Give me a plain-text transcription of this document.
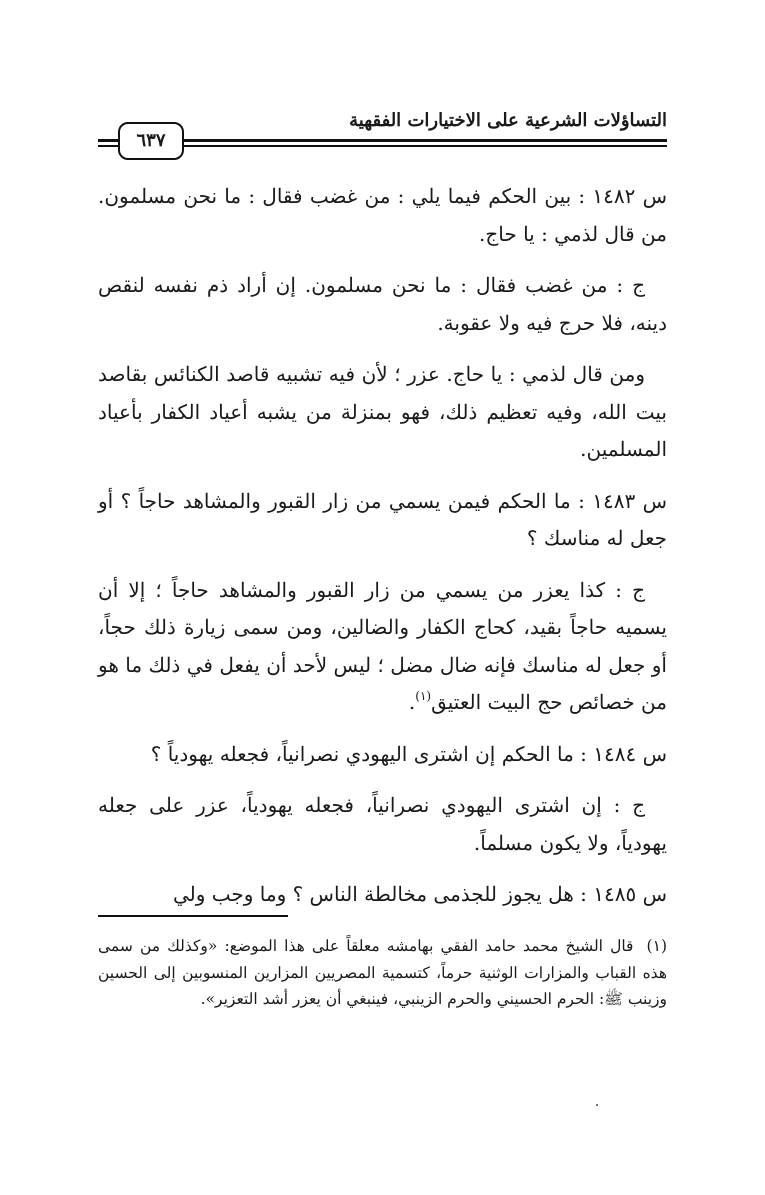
التساؤلات الشرعية على الاختيارات الفقهية
٦٣٧

س ١٤٨٢ : بين الحكم فيما يلي : من غضب فقال : ما نحن مسلمون. من قال لذمي : يا حاج.

ج : من غضب فقال : ما نحن مسلمون. إن أراد ذم نفسه لنقص دينه، فلا حرج فيه ولا عقوبة.

ومن قال لذمي : يا حاج. عزر ؛ لأن فيه تشبيه قاصد الكنائس بقاصد بيت الله، وفيه تعظيم ذلك، فهو بمنزلة من يشبه أعياد الكفار بأعياد المسلمين.

س ١٤٨٣ : ما الحكم فيمن يسمي من زار القبور والمشاهد حاجاً ؟ أو جعل له مناسك ؟

ج : كذا يعزر من يسمي من زار القبور والمشاهد حاجاً ؛ إلا أن يسميه حاجاً بقيد، كحاج الكفار والضالين، ومن سمى زيارة ذلك حجاً، أو جعل له مناسك فإنه ضال مضل ؛ ليس لأحد أن يفعل في ذلك ما هو من خصائص حج البيت العتيق$^{(١)}$.

س ١٤٨٤ : ما الحكم إن اشترى اليهودي نصرانياً، فجعله يهودياً ؟

ج : إن اشترى اليهودي نصرانياً، فجعله يهودياً، عزر على جعله يهودياً، ولا يكون مسلماً.

س ١٤٨٥ : هل يجوز للجذمى مخالطة الناس ؟ وما وجب ولي

(١) قال الشيخ محمد حامد الفقي بهامشه معلقاً على هذا الموضع: «وكذلك من سمى هذه القباب والمزارات الوثنية حرماً، كتسمية المصريين المزارين المنسوبين إلى الحسين وزينب ﷺ: الحرم الحسيني والحرم الزينبي، فينبغي أن يعزر أشد التعزير».
